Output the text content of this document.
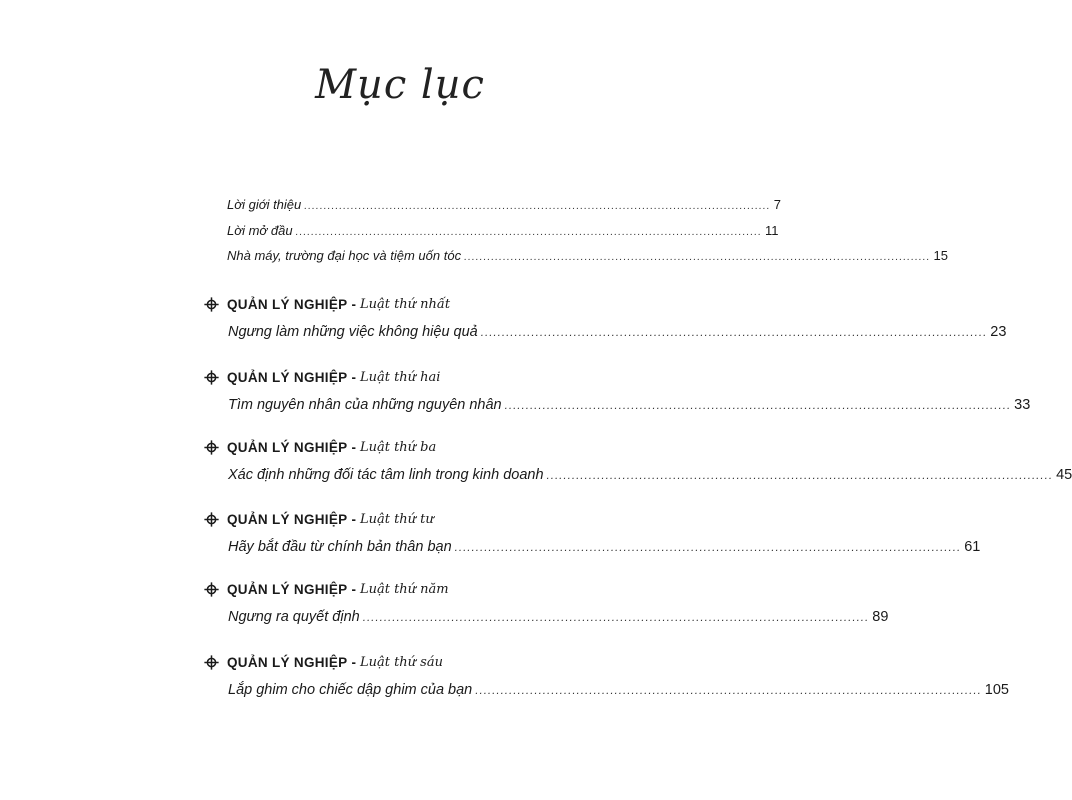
Mục lục
Lời giới thiệu ........................................................................................................................ 7
Lời mở đầu ........................................................................................................................ 11
Nhà máy, trường đại học và tiệm uốn tóc ........................................................................................................................ 15
QUẢN LÝ NGHIỆP - Luật thứ nhất
Ngưng làm những việc không hiệu quả ........................................................................................................................ 23
QUẢN LÝ NGHIỆP - Luật thứ hai
Tìm nguyên nhân của những nguyên nhân ........................................................................................................................ 33
QUẢN LÝ NGHIỆP - Luật thứ ba
Xác định những đối tác tâm linh trong kinh doanh ........................................................................................................................ 45
QUẢN LÝ NGHIỆP - Luật thứ tư
Hãy bắt đầu từ chính bản thân bạn ........................................................................................................................ 61
QUẢN LÝ NGHIỆP - Luật thứ năm
Ngưng ra quyết định ........................................................................................................................ 89
QUẢN LÝ NGHIỆP - Luật thứ sáu
Lắp ghim cho chiếc dập ghim của bạn ........................................................................................................................ 105
